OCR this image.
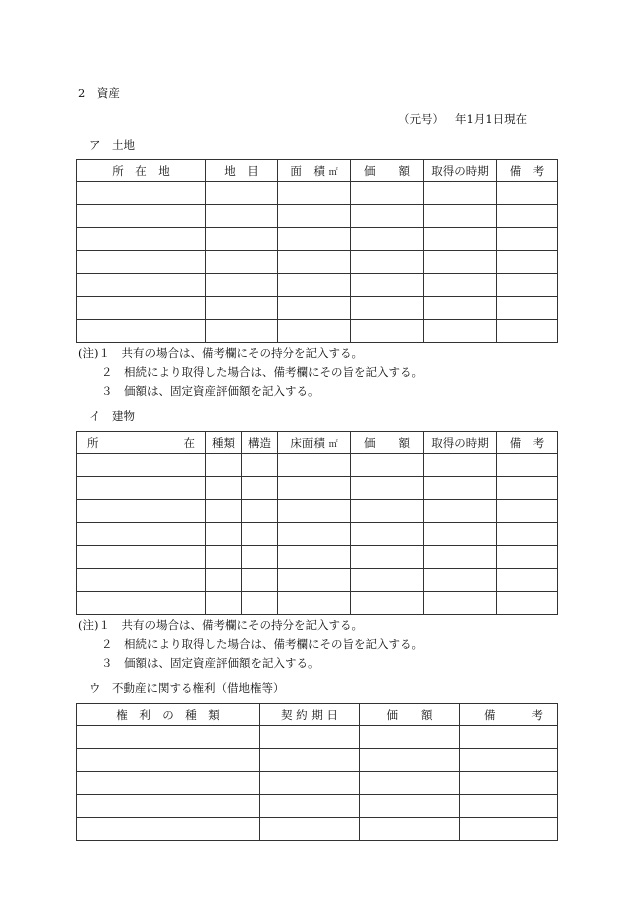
2　資産
（元号） 年1月1日現在
ア　土地
所　在　地	地　目	面　積 ㎡	価　　額	取得の時期	備　考

(注)１　共有の場合は、備考欄にその持分を記入する。
２　相続により取得した場合は、備考欄にその旨を記入する。
３　価額は、固定資産評価額を記入する。
イ　建物
所 在	種類	構造	床面積 ㎡	価　　額	取得の時期	備　考

(注)１　共有の場合は、備考欄にその持分を記入する。
２　相続により取得した場合は、備考欄にその旨を記入する。
３　価額は、固定資産評価額を記入する。
ウ　不動産に関する権利（借地権等）
権　利　の　種　類	契 約 期 日	価　　額	備 考
